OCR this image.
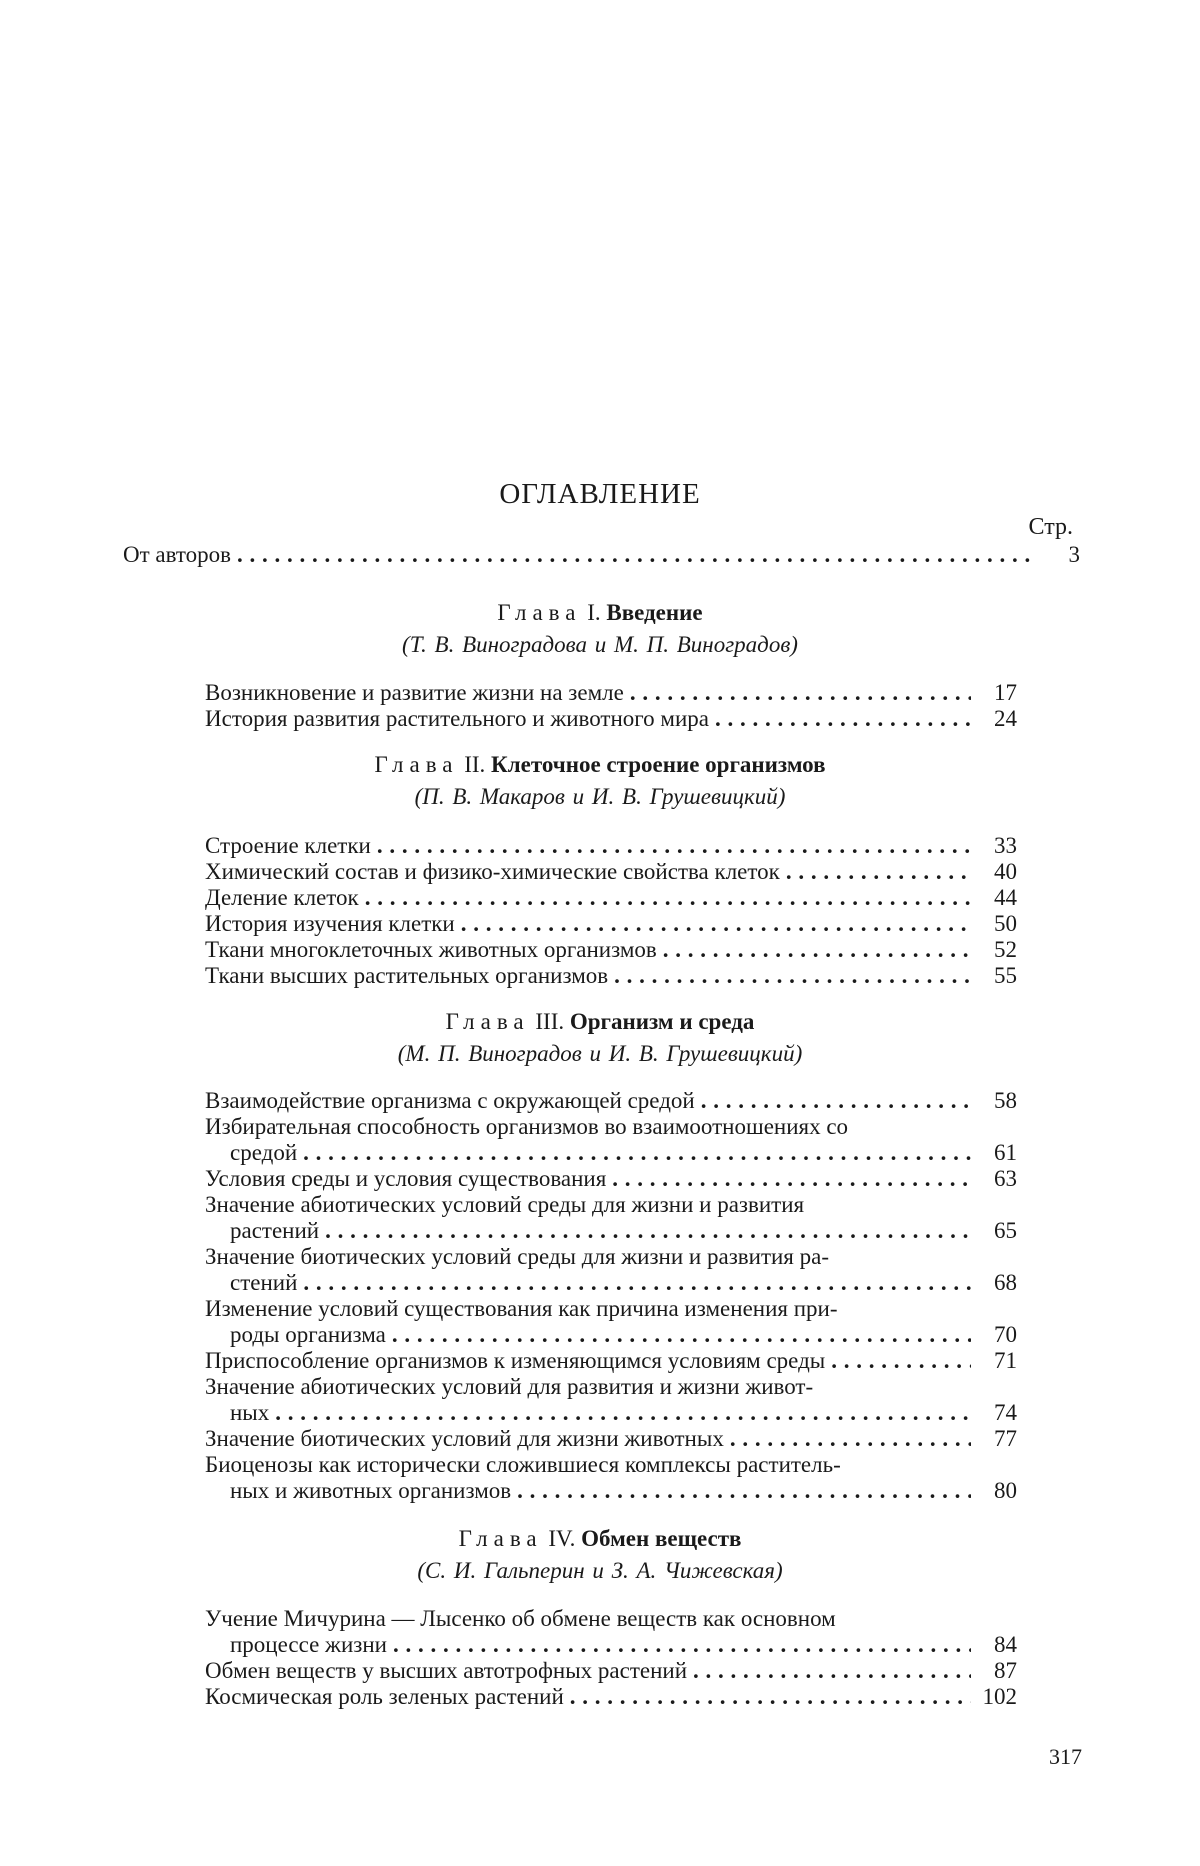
ОГЛАВЛЕНИЕ
Стр.
От авторов . . .	3
Глава I. Введение
(Т. В. Виноградова и М. П. Виноградов)
Возникновение и развитие жизни на земле . . .	17
История развития растительного и животного мира . . .	24
Глава II. Клеточное строение организмов
(П. В. Макаров и И. В. Грушевицкий)
Строение клетки . . .	33
Химический состав и физико-химические свойства клеток . . .	40
Деление клеток . . .	44
История изучения клетки . . .	50
Ткани многоклеточных животных организмов . . .	52
Ткани высших растительных организмов . . .	55
Глава III. Организм и среда
(М. П. Виноградов и И. В. Грушевицкий)
Взаимодействие организма с окружающей средой . . .	58
Избирательная способность организмов во взаимоотношениях со
средой . . .	61
Условия среды и условия существования . . .	63
Значение абиотических условий среды для жизни и развития
растений . . .	65
Значение биотических условий среды для жизни и развития ра-
стений . . .	68
Изменение условий существования как причина изменения при-
роды организма . . .	70
Приспособление организмов к изменяющимся условиям среды . . .	71
Значение абиотических условий для развития и жизни живот-
ных . . .	74
Значение биотических условий для жизни животных . . .	77
Биоценозы как исторически сложившиеся комплексы раститель-
ных и животных организмов . . .	80
Глава IV. Обмен веществ
(С. И. Гальперин и З. А. Чижевская)
Учение Мичурина — Лысенко об обмене веществ как основном
процессе жизни . . .	84
Обмен веществ у высших автотрофных растений . . .	87
Космическая роль зеленых растений . . .	102
317
